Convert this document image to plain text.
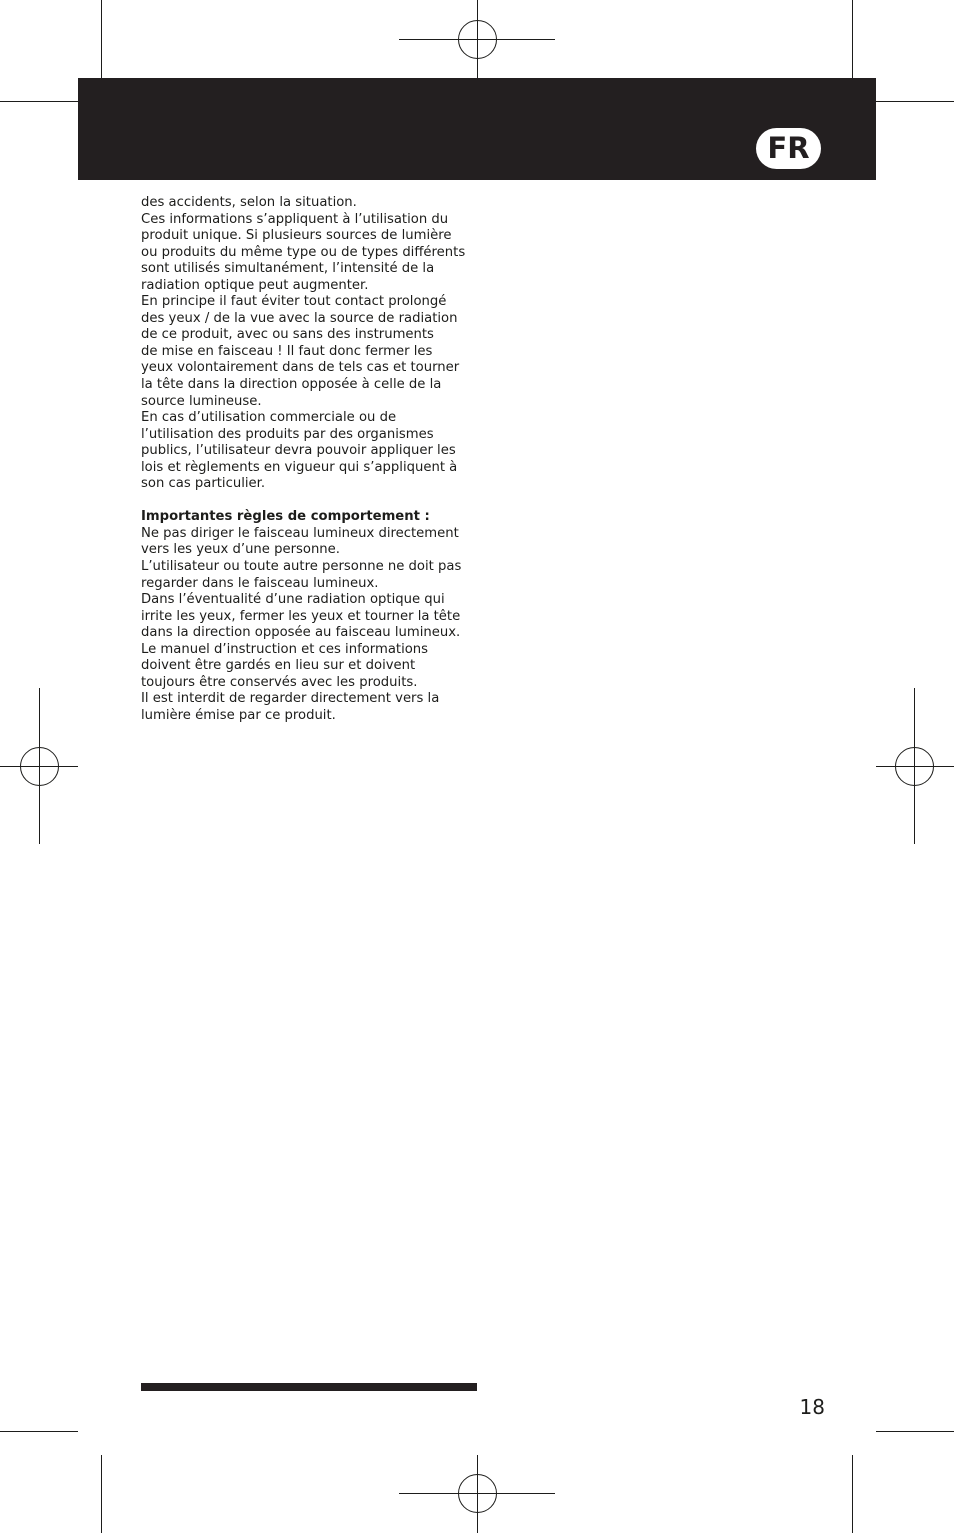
FR

des accidents, selon la situation.

Ces informations s’appliquent à l’utilisation du

produit unique. Si plusieurs sources de lumière

ou produits du même type ou de types différents

sont utilisés simultanément, l’intensité de la

radiation optique peut augmenter.

En principe il faut éviter tout contact prolongé

des yeux / de la vue avec la source de radiation

de ce produit, avec ou sans des instruments

de mise en faisceau ! Il faut donc fermer les

yeux volontairement dans de tels cas et tourner

la tête dans la direction opposée à celle de la

source lumineuse.

En cas d’utilisation commerciale ou de

l’utilisation des produits par des organismes

publics, l’utilisateur devra pouvoir appliquer les

lois et règlements en vigueur qui s’appliquent à

son cas particulier.

Importantes règles de comportement :

Ne pas diriger le faisceau lumineux directement

vers les yeux d’une personne.

L’utilisateur ou toute autre personne ne doit pas

regarder dans le faisceau lumineux.

Dans l’éventualité d’une radiation optique qui

irrite les yeux, fermer les yeux et tourner la tête

dans la direction opposée au faisceau lumineux.

Le manuel d’instruction et ces informations

doivent être gardés en lieu sur et doivent

toujours être conservés avec les produits.

Il est interdit de regarder directement vers la

lumière émise par ce produit.

18
